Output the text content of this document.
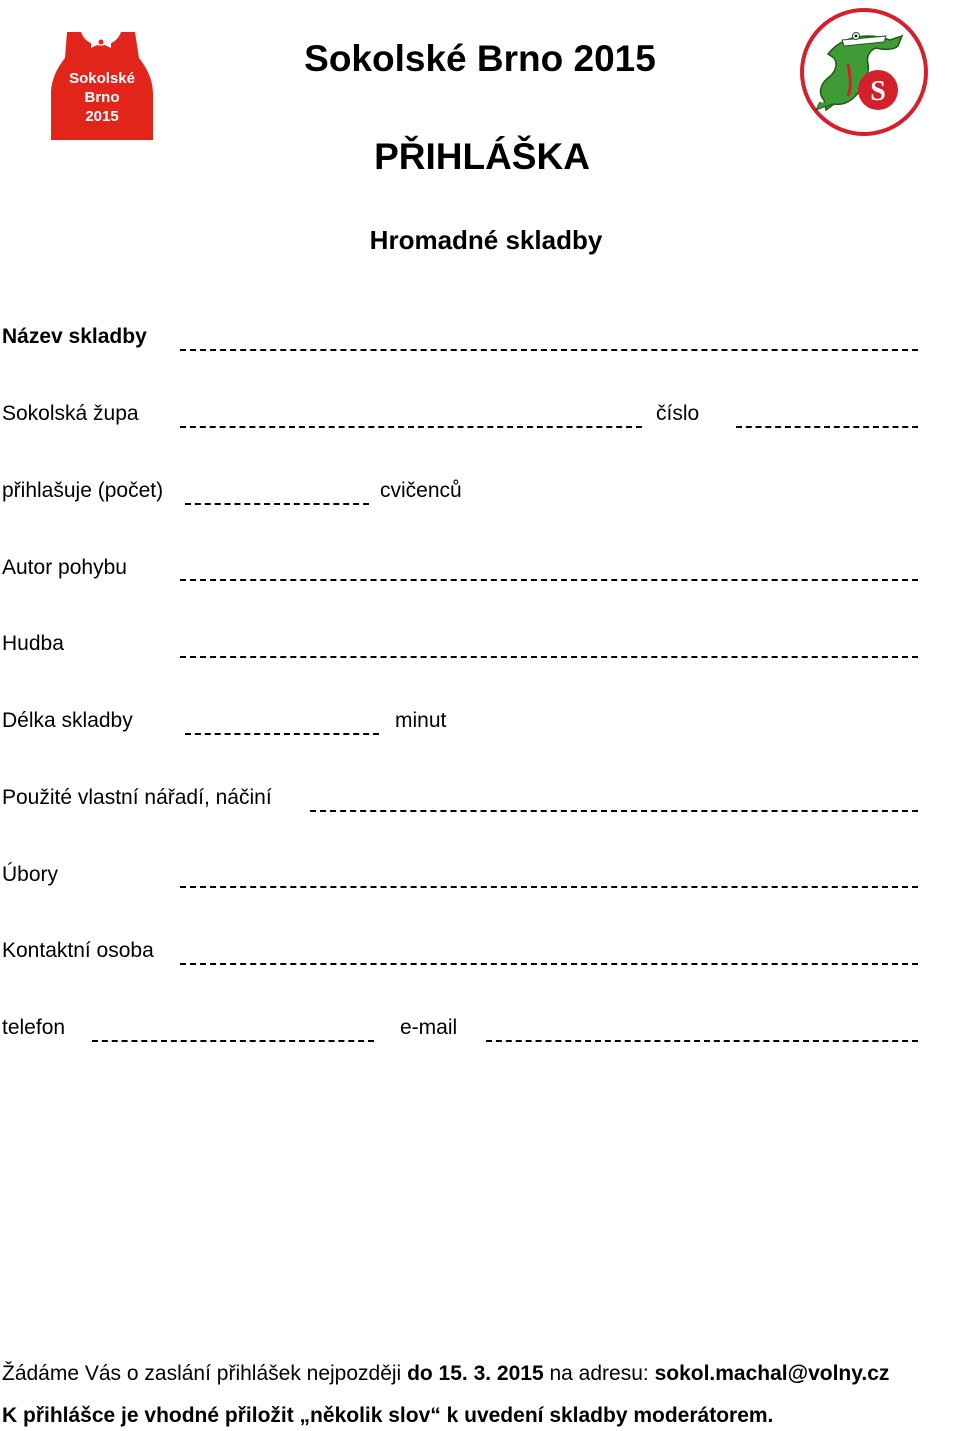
Sokolské
Brno
2015
S
Sokolské Brno 2015
PŘIHLÁŠKA
Hromadné skladby
Název skladby
Sokolská župa	číslo
přihlašuje (počet)	cvičenců
Autor pohybu
Hudba
Délka skladby	minut
Použité vlastní nářadí, náčiní
Úbory
Kontaktní osoba
telefon	e-mail
Žádáme Vás o zaslání přihlášek nejpozději do 15. 3. 2015 na adresu: sokol.machal@volny.cz
K přihlášce je vhodné přiložit „několik slov“ k uvedení skladby moderátorem.
